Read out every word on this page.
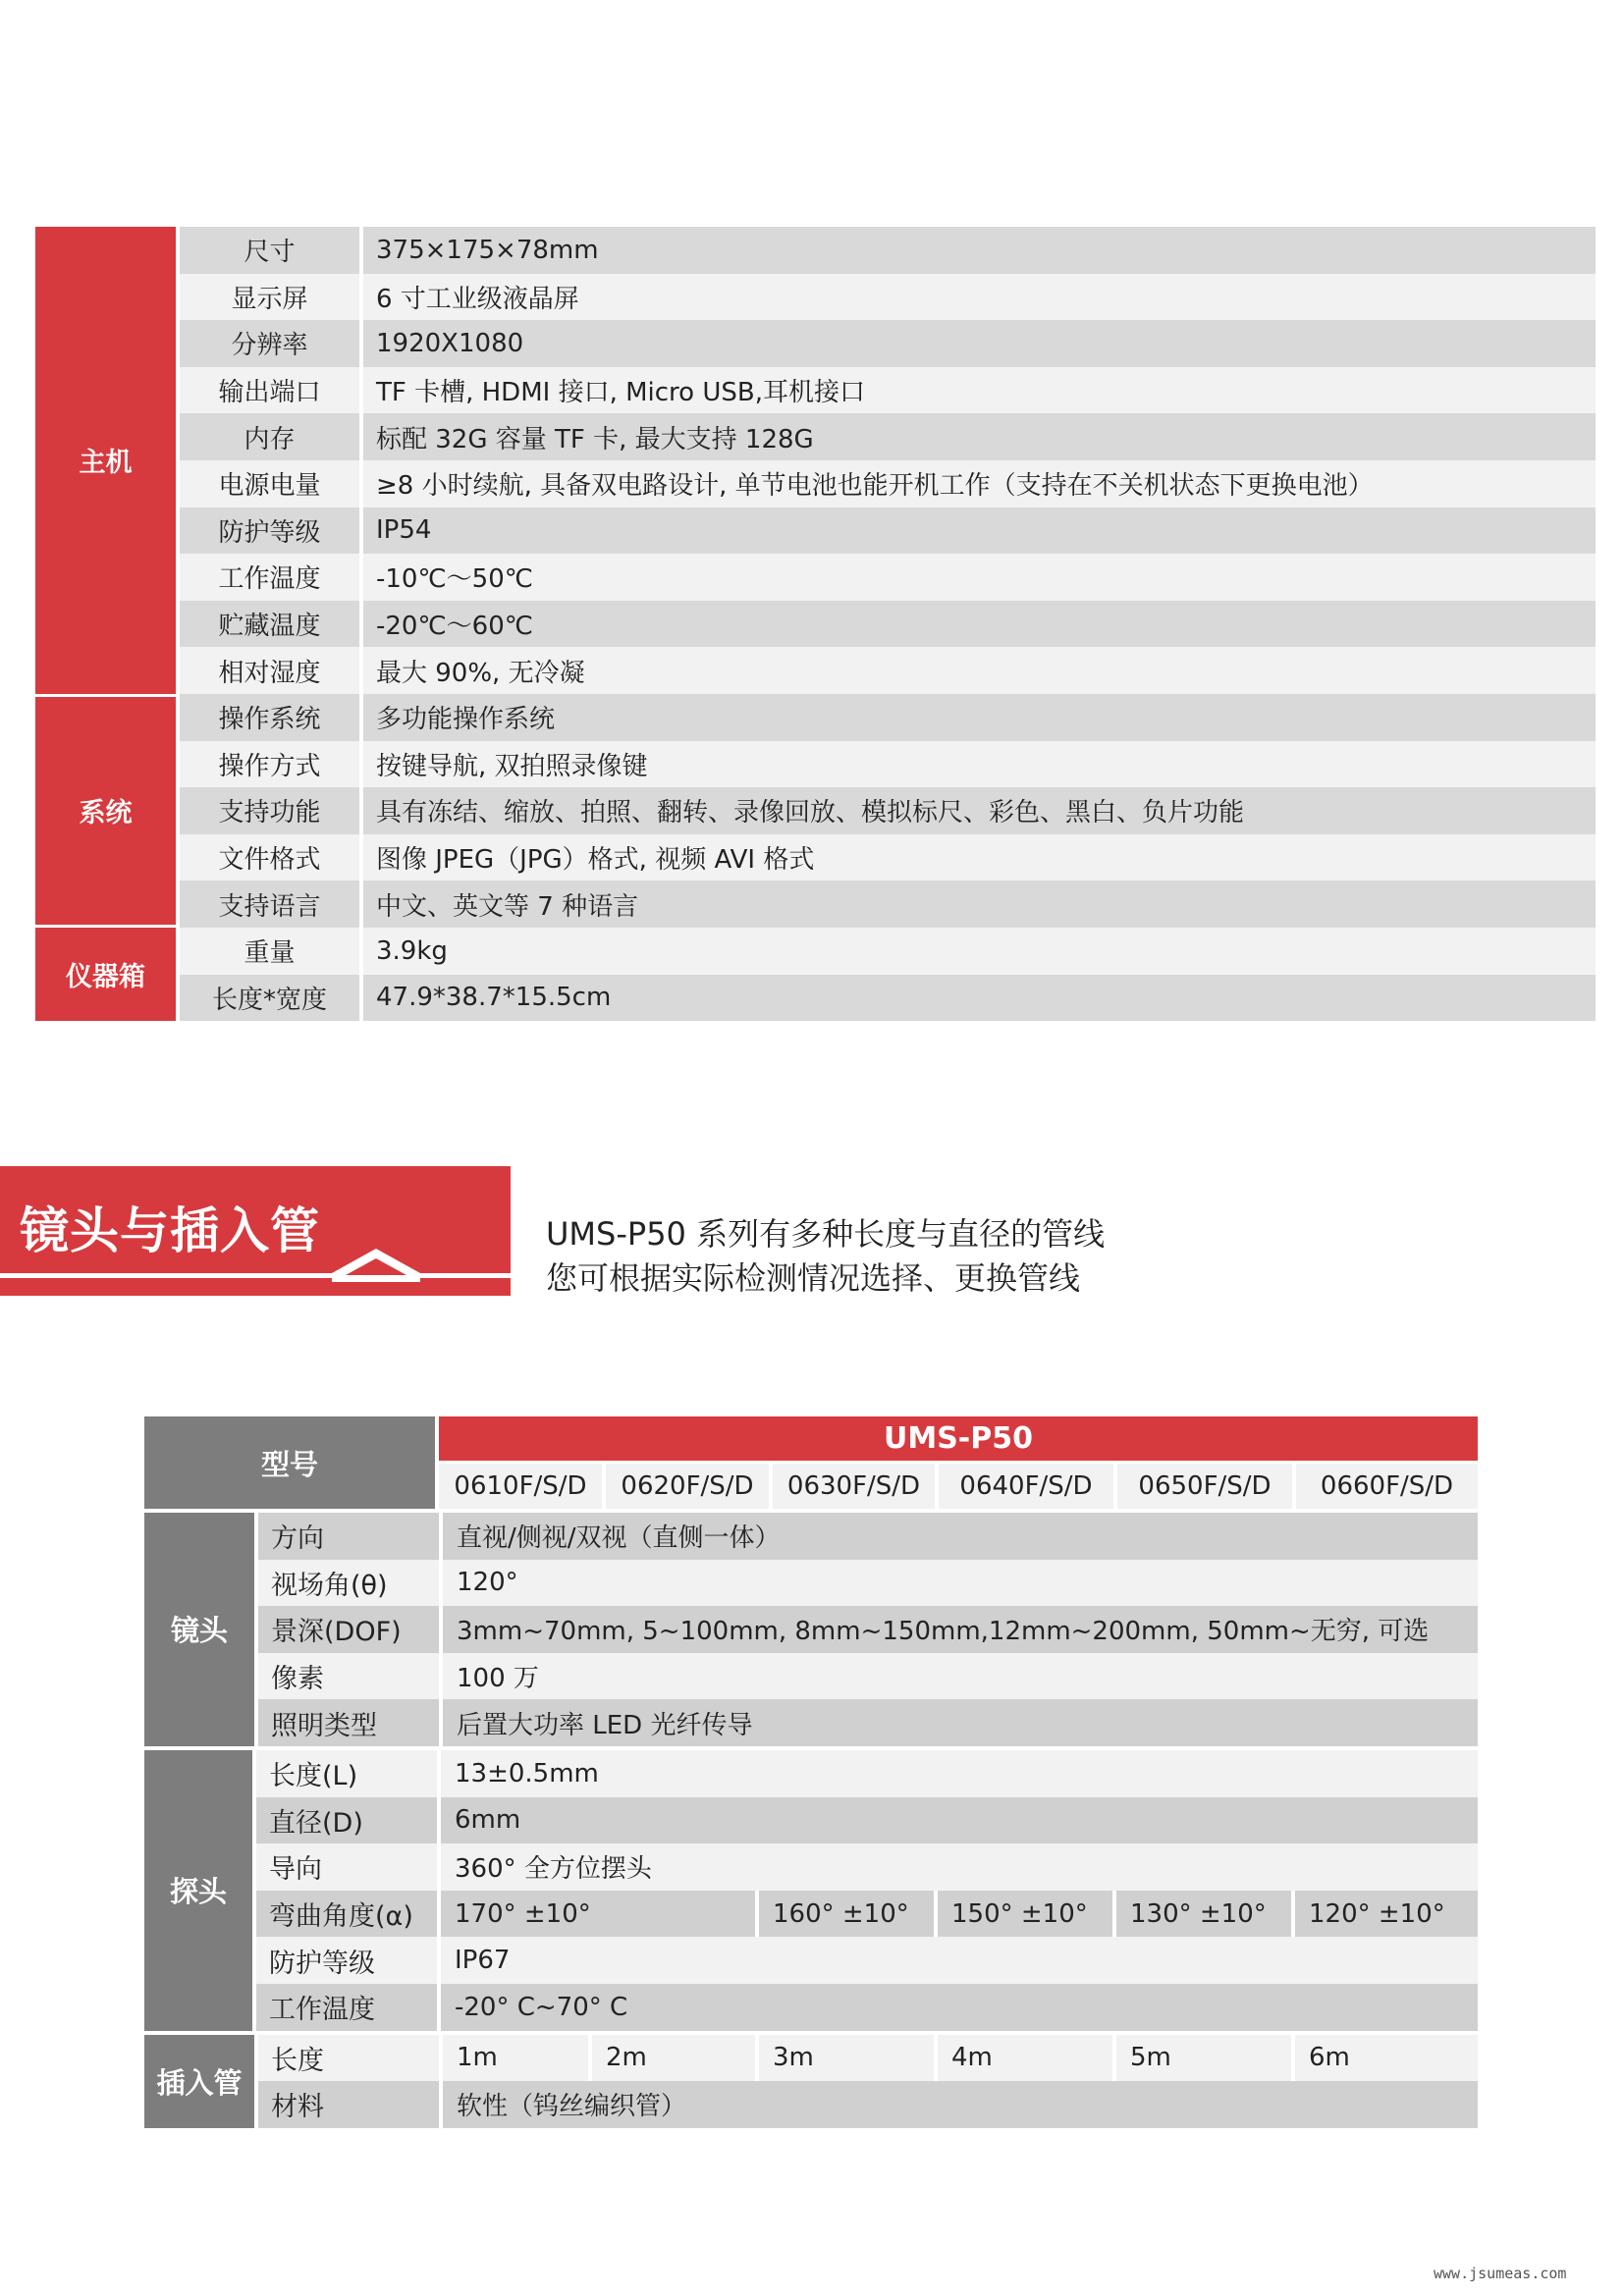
主机
尺寸	375×175×78mm
显示屏	6 寸工业级液晶屏
分辨率	1920X1080
输出端口	TF 卡槽, HDMI 接口, Micro USB,耳机接口
内存	标配 32G 容量 TF 卡, 最大支持 128G
电源电量	≥8 小时续航, 具备双电路设计, 单节电池也能开机工作（支持在不关机状态下更换电池）
防护等级	IP54
工作温度	-10℃～50℃
贮藏温度	-20℃～60℃
相对湿度	最大 90%, 无冷凝
系统
操作系统	多功能操作系统
操作方式	按键导航, 双拍照录像键
支持功能	具有冻结、缩放、拍照、翻转、录像回放、模拟标尺、彩色、黑白、负片功能
文件格式	图像 JPEG（JPG）格式, 视频 AVI 格式
支持语言	中文、英文等 7 种语言
仪器箱
重量	3.9kg
长度*宽度	47.9*38.7*15.5cm
镜头与插入管	UMS-P50 系列有多种长度与直径的管线
您可根据实际检测情况选择、更换管线
型号
UMS-P50
0610F/S/D	0620F/S/D	0630F/S/D	0640F/S/D	0650F/S/D	0660F/S/D
镜头
方向	直视/侧视/双视（直侧一体）
视场角(θ)	120°
景深(DOF)	3mm~70mm, 5~100mm, 8mm~150mm,12mm~200mm, 50mm~无穷, 可选
像素	100 万
照明类型	后置大功率 LED 光纤传导
探头
长度(L)	13±0.5mm
直径(D)	6mm
导向	360° 全方位摆头
弯曲角度(α)	170° ±10°	160° ±10°	150° ±10°	130° ±10°	120° ±10°
防护等级	IP67
工作温度	-20° C~70° C
插入管
长度	1m	2m	3m	4m	5m	6m
材料	软性（钨丝编织管）
www.jsumeas.com
